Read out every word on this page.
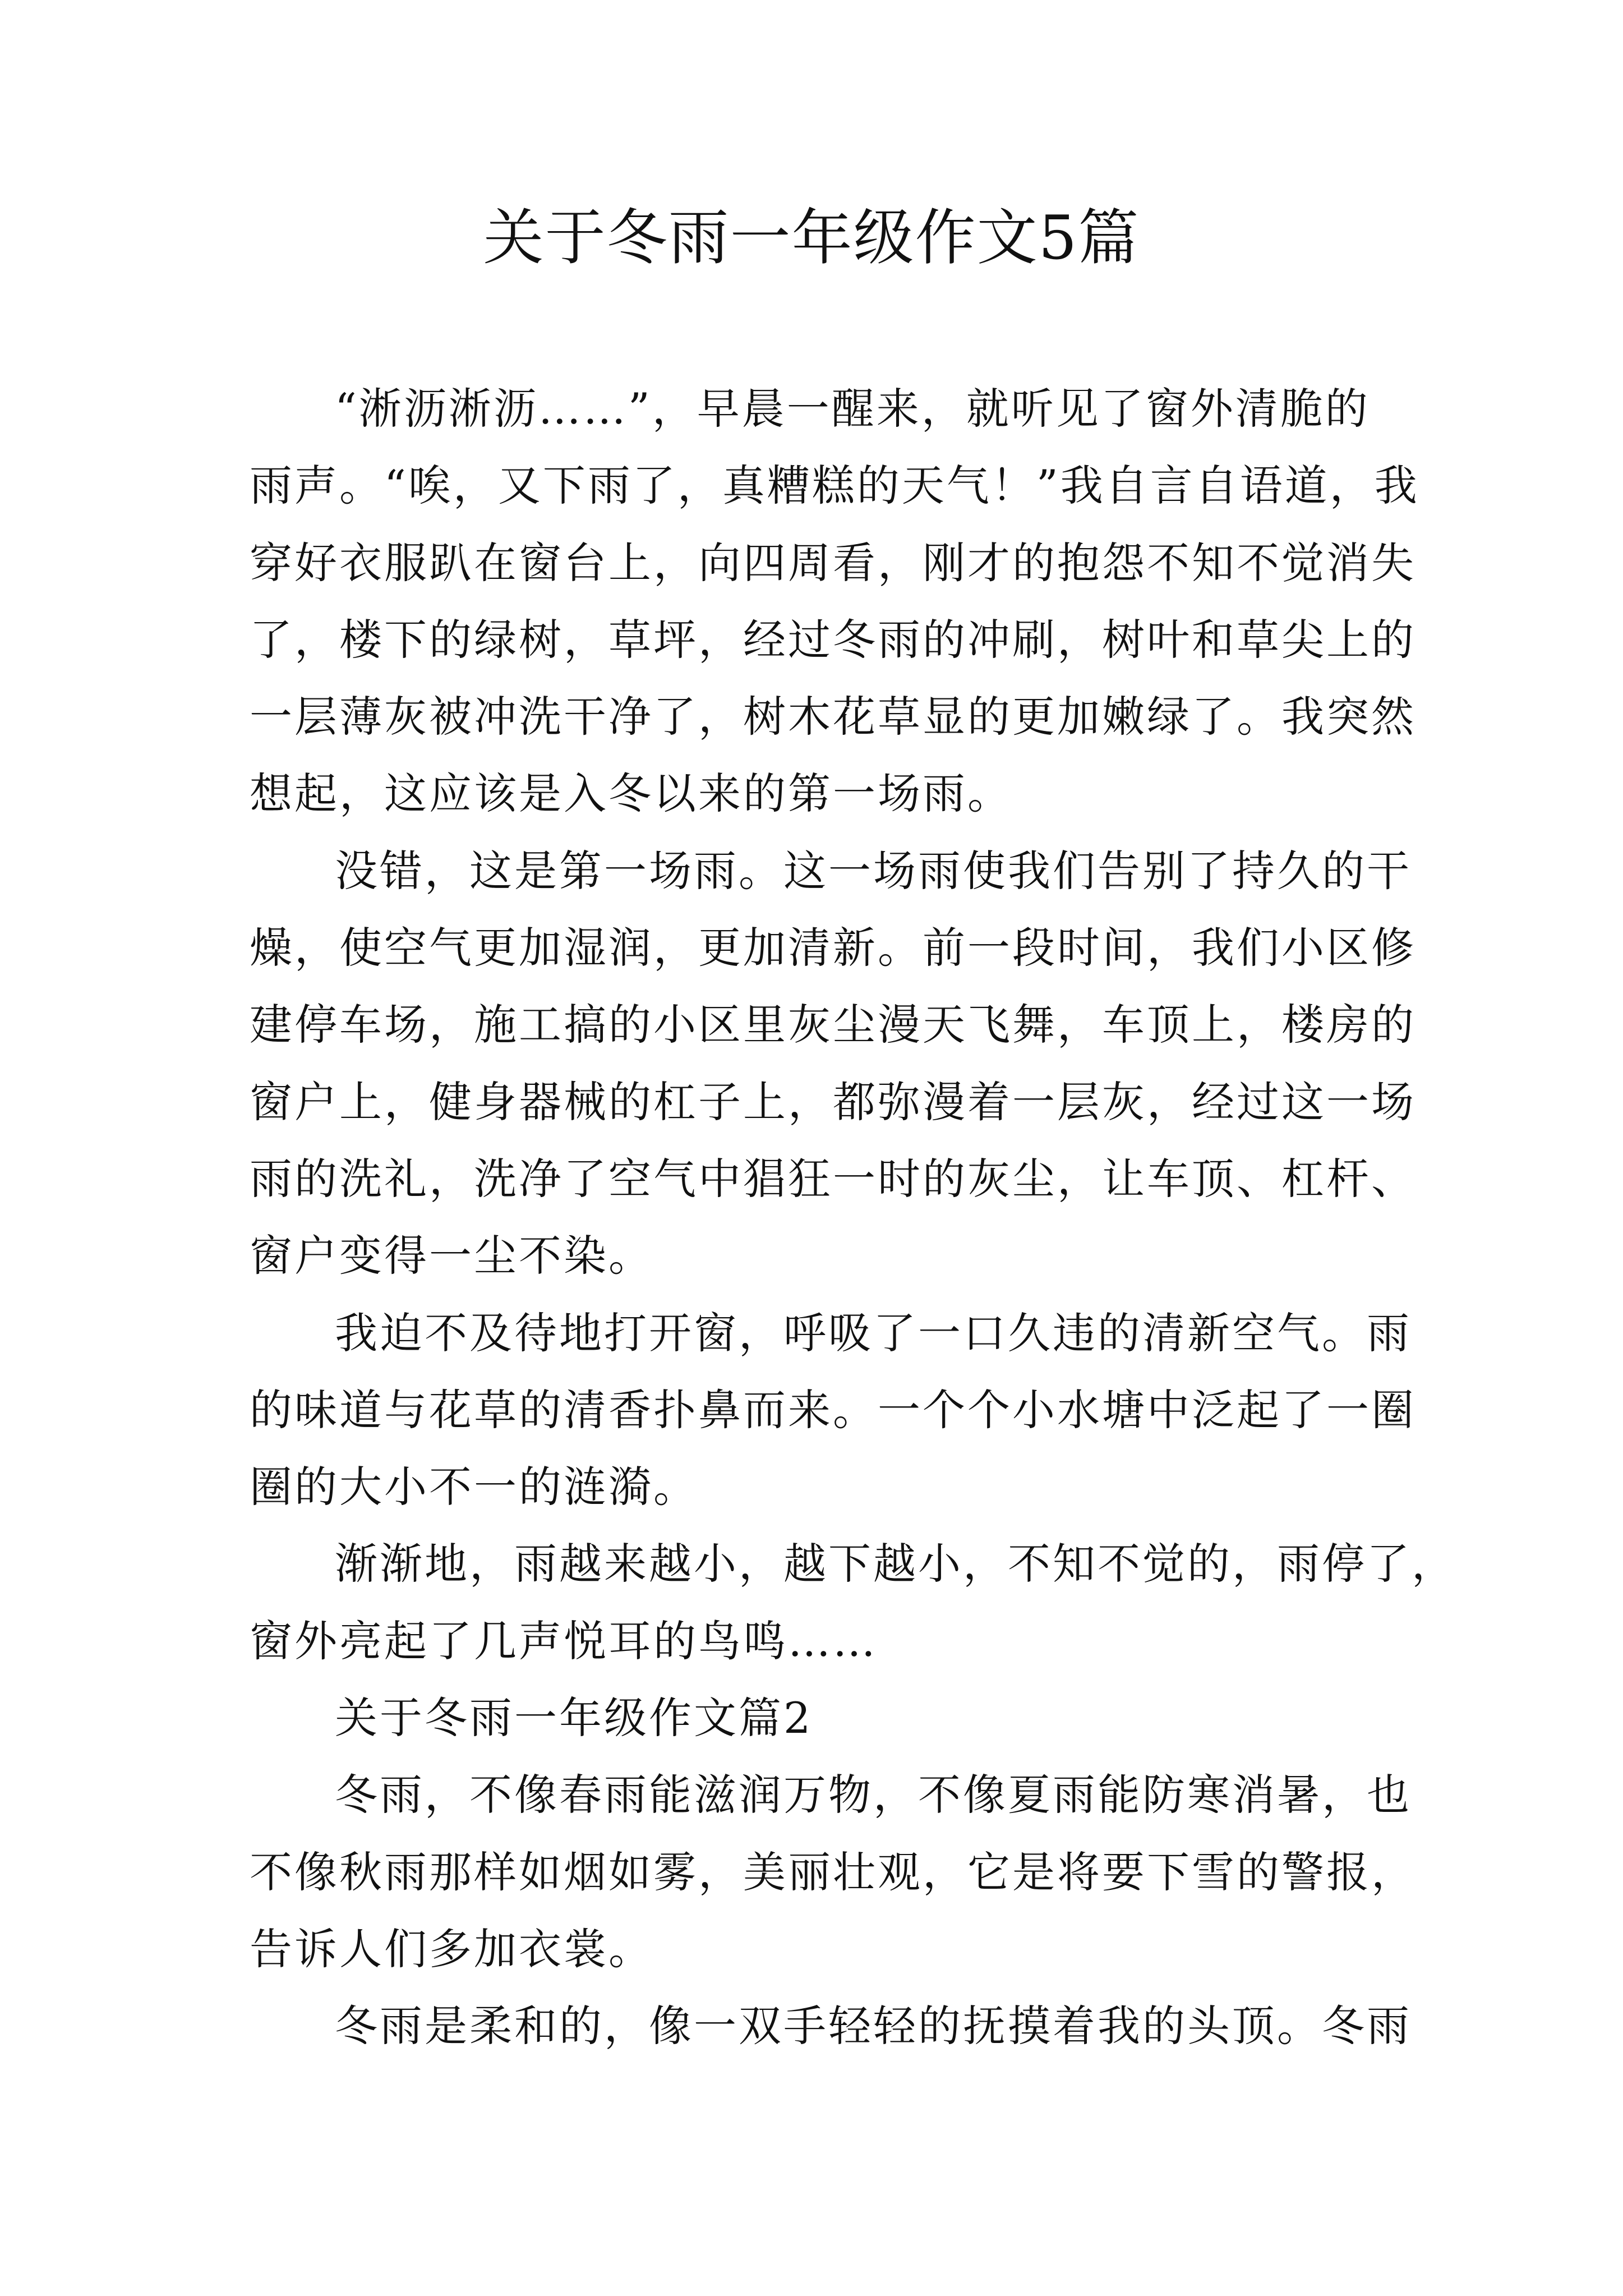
关于冬雨一年级作文5篇
“淅沥淅沥……”，早晨一醒来，就听见了窗外清脆的
雨声。“唉，又下雨了，真糟糕的天气！”我自言自语道，我
穿好衣服趴在窗台上，向四周看，刚才的抱怨不知不觉消失
了，楼下的绿树，草坪，经过冬雨的冲刷，树叶和草尖上的
一层薄灰被冲洗干净了，树木花草显的更加嫩绿了。我突然
想起，这应该是入冬以来的第一场雨。
没错，这是第一场雨。这一场雨使我们告别了持久的干
燥，使空气更加湿润，更加清新。前一段时间，我们小区修
建停车场，施工搞的小区里灰尘漫天飞舞，车顶上，楼房的
窗户上，健身器械的杠子上，都弥漫着一层灰，经过这一场
雨的洗礼，洗净了空气中猖狂一时的灰尘，让车顶、杠杆、
窗户变得一尘不染。
我迫不及待地打开窗，呼吸了一口久违的清新空气。雨
的味道与花草的清香扑鼻而来。一个个小水塘中泛起了一圈
圈的大小不一的涟漪。
渐渐地，雨越来越小，越下越小，不知不觉的，雨停了，
窗外亮起了几声悦耳的鸟鸣……
关于冬雨一年级作文篇2
冬雨，不像春雨能滋润万物，不像夏雨能防寒消暑，也
不像秋雨那样如烟如雾，美丽壮观，它是将要下雪的警报，
告诉人们多加衣裳。
冬雨是柔和的，像一双手轻轻的抚摸着我的头顶。冬雨
